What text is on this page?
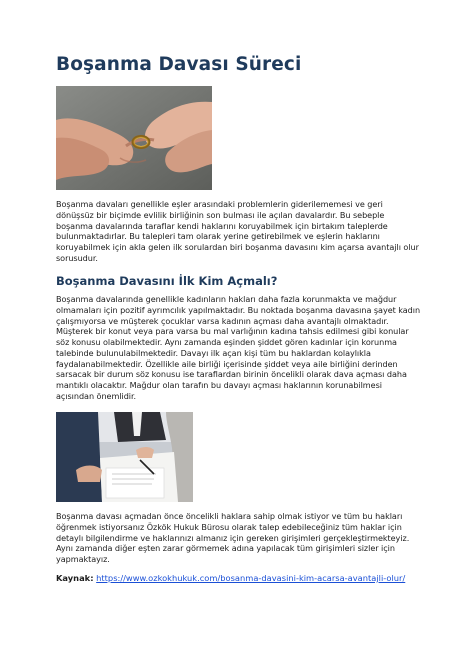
Boşanma Davası Süreci

Boşanma davaları genellikle eşler arasındaki problemlerin giderilememesi ve geri dönüşsüz bir biçimde evlilik birliğinin son bulması ile açılan davalardır. Bu sebeple boşanma davalarında taraflar kendi haklarını koruyabilmek için birtakım taleplerde bulunmaktadırlar. Bu talepleri tam olarak yerine getirebilmek ve eşlerin haklarını koruyabilmek için akla gelen ilk sorulardan biri boşanma davasını kim açarsa avantajlı olur sorusudur.

Boşanma Davasını İlk Kim Açmalı?

Boşanma davalarında genellikle kadınların hakları daha fazla korunmakta ve mağdur olmamaları için pozitif ayrımcılık yapılmaktadır. Bu noktada boşanma davasına şayet kadın çalışmıyorsa ve müşterek çocuklar varsa kadının açması daha avantajlı olmaktadır. Müşterek bir konut veya para varsa bu mal varlığının kadına tahsis edilmesi gibi konular söz konusu olabilmektedir. Aynı zamanda eşinden şiddet gören kadınlar için korunma talebinde bulunulabilmektedir. Davayı ilk açan kişi tüm bu haklardan kolaylıkla faydalanabilmektedir. Özellikle aile birliği içerisinde şiddet veya aile birliğini derinden sarsacak bir durum söz konusu ise taraflardan birinin öncelikli olarak dava açması daha mantıklı olacaktır. Mağdur olan tarafın bu davayı açması haklarının korunabilmesi açısından önemlidir.

Boşanma davası açmadan önce öncelikli haklara sahip olmak istiyor ve tüm bu hakları öğrenmek istiyorsanız Özkök Hukuk Bürosu olarak talep edebileceğiniz tüm haklar için detaylı bilgilendirme ve haklarınızı almanız için gereken girişimleri gerçekleştirmekteyiz. Aynı zamanda diğer eşten zarar görmemek adına yapılacak tüm girişimleri sizler için yapmaktayız.

Kaynak: https://www.ozkokhukuk.com/bosanma-davasini-kim-acarsa-avantajli-olur/
